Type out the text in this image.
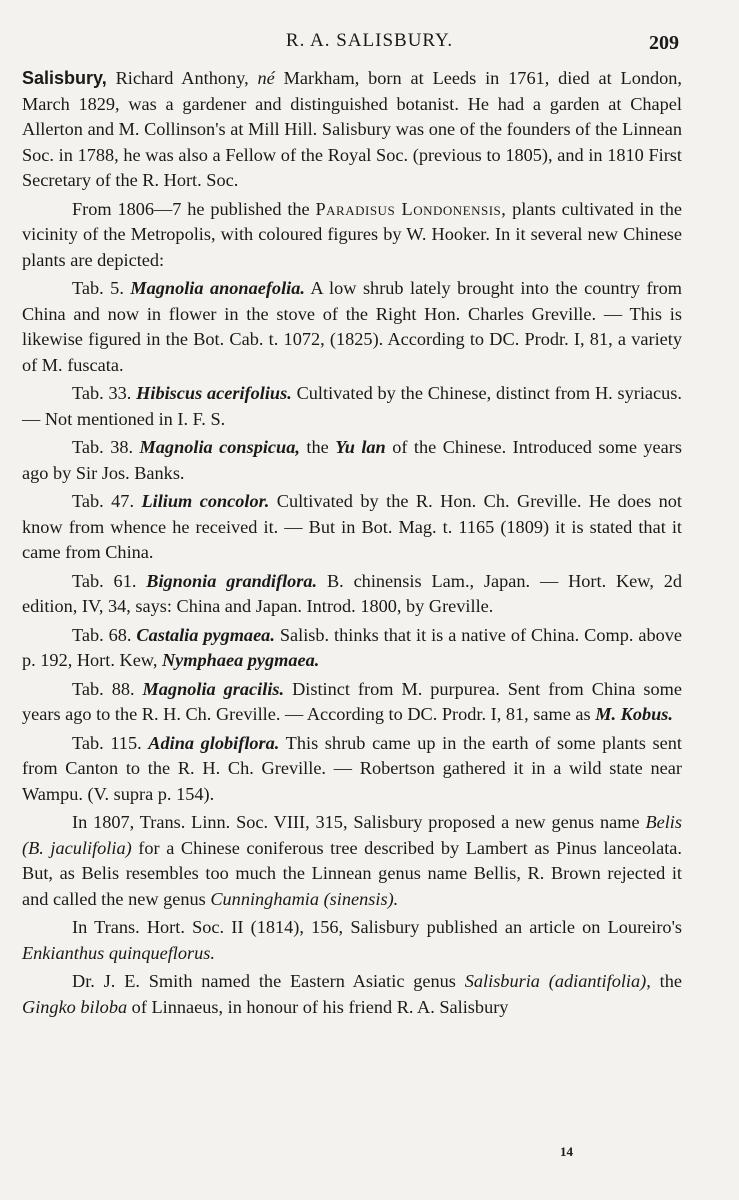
R. A. SALISBURY.	209

Salisbury, Richard Anthony, né Markham, born at Leeds in 1761, died at London, March 1829, was a gardener and distinguished botanist. He had a garden at Chapel Allerton and M. Collinson's at Mill Hill. Salisbury was one of the founders of the Linnean Soc. in 1788, he was also a Fellow of the Royal Soc. (previous to 1805), and in 1810 First Secretary of the R. Hort. Soc.

From 1806—7 he published the Paradisus Londonensis, plants cultivated in the vicinity of the Metropolis, with coloured figures by W. Hooker. In it several new Chinese plants are depicted:

Tab. 5. Magnolia anonaefolia. A low shrub lately brought into the country from China and now in flower in the stove of the Right Hon. Charles Greville. — This is likewise figured in the Bot. Cab. t. 1072, (1825). According to DC. Prodr. I, 81, a variety of M. fuscata.

Tab. 33. Hibiscus acerifolius. Cultivated by the Chinese, distinct from H. syriacus. — Not mentioned in I. F. S.

Tab. 38. Magnolia conspicua, the Yu lan of the Chinese. Introduced some years ago by Sir Jos. Banks.

Tab. 47. Lilium concolor. Cultivated by the R. Hon. Ch. Greville. He does not know from whence he received it. — But in Bot. Mag. t. 1165 (1809) it is stated that it came from China.

Tab. 61. Bignonia grandiflora. B. chinensis Lam., Japan. — Hort. Kew, 2d edition, IV, 34, says: China and Japan. Introd. 1800, by Greville.

Tab. 68. Castalia pygmaea. Salisb. thinks that it is a native of China. Comp. above p. 192, Hort. Kew, Nymphaea pygmaea.

Tab. 88. Magnolia gracilis. Distinct from M. purpurea. Sent from China some years ago to the R. H. Ch. Greville. — According to DC. Prodr. I, 81, same as M. Kobus.

Tab. 115. Adina globiflora. This shrub came up in the earth of some plants sent from Canton to the R. H. Ch. Greville. — Robertson gathered it in a wild state near Wampu. (V. supra p. 154).

In 1807, Trans. Linn. Soc. VIII, 315, Salisbury proposed a new genus name Belis (B. jaculifolia) for a Chinese coniferous tree described by Lambert as Pinus lanceolata. But, as Belis resembles too much the Linnean genus name Bellis, R. Brown rejected it and called the new genus Cunninghamia (sinensis).

In Trans. Hort. Soc. II (1814), 156, Salisbury published an article on Loureiro's Enkianthus quinqueflorus.

Dr. J. E. Smith named the Eastern Asiatic genus Salisburia (adiantifolia), the Gingko biloba of Linnaeus, in honour of his friend R. A. Salisbury

14
